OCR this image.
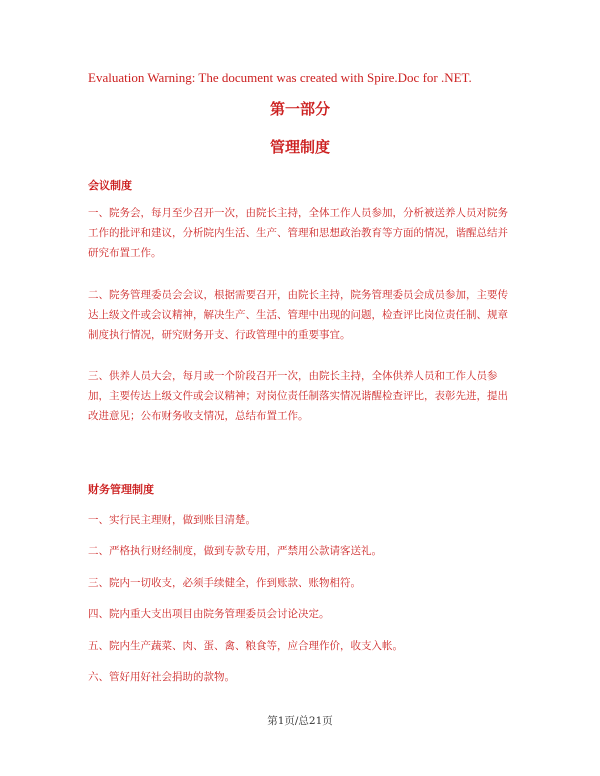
Evaluation Warning: The document was created with Spire.Doc for .NET.
第一部分
管理制度
会议制度
一、院务会，每月至少召开一次，由院长主持，全体工作人员参加，分析被送养人员对院务工作的批评和建议，分析院内生活、生产、管理和思想政治教育等方面的情况，谐醒总结并研究布置工作。
二、院务管理委员会会议，根据需要召开，由院长主持，院务管理委员会成员参加，主要传达上级文件或会议精神，解决生产、生活、管理中出现的问题，检查评比岗位责任制、规章制度执行情况，研究财务开支、行政管理中的重要事宜。
三、供养人员大会，每月或一个阶段召开一次，由院长主持，全体供养人员和工作人员参加，主要传达上级文件或会议精神；对岗位责任制落实情况谐醒检查评比，表彰先进，提出改进意见；公布财务收支情况，总结布置工作。
财务管理制度
一、实行民主理财，做到账目清楚。
二、严格执行财经制度，做到专款专用，严禁用公款请客送礼。
三、院内一切收支，必须手续健全，作到账款、账物相符。
四、院内重大支出项目由院务管理委员会讨论决定。
五、院内生产蔬菜、肉、蛋、禽、粮食等，应合理作价，收支入帐。
六、管好用好社会捐助的款物。
第1页/总21页
